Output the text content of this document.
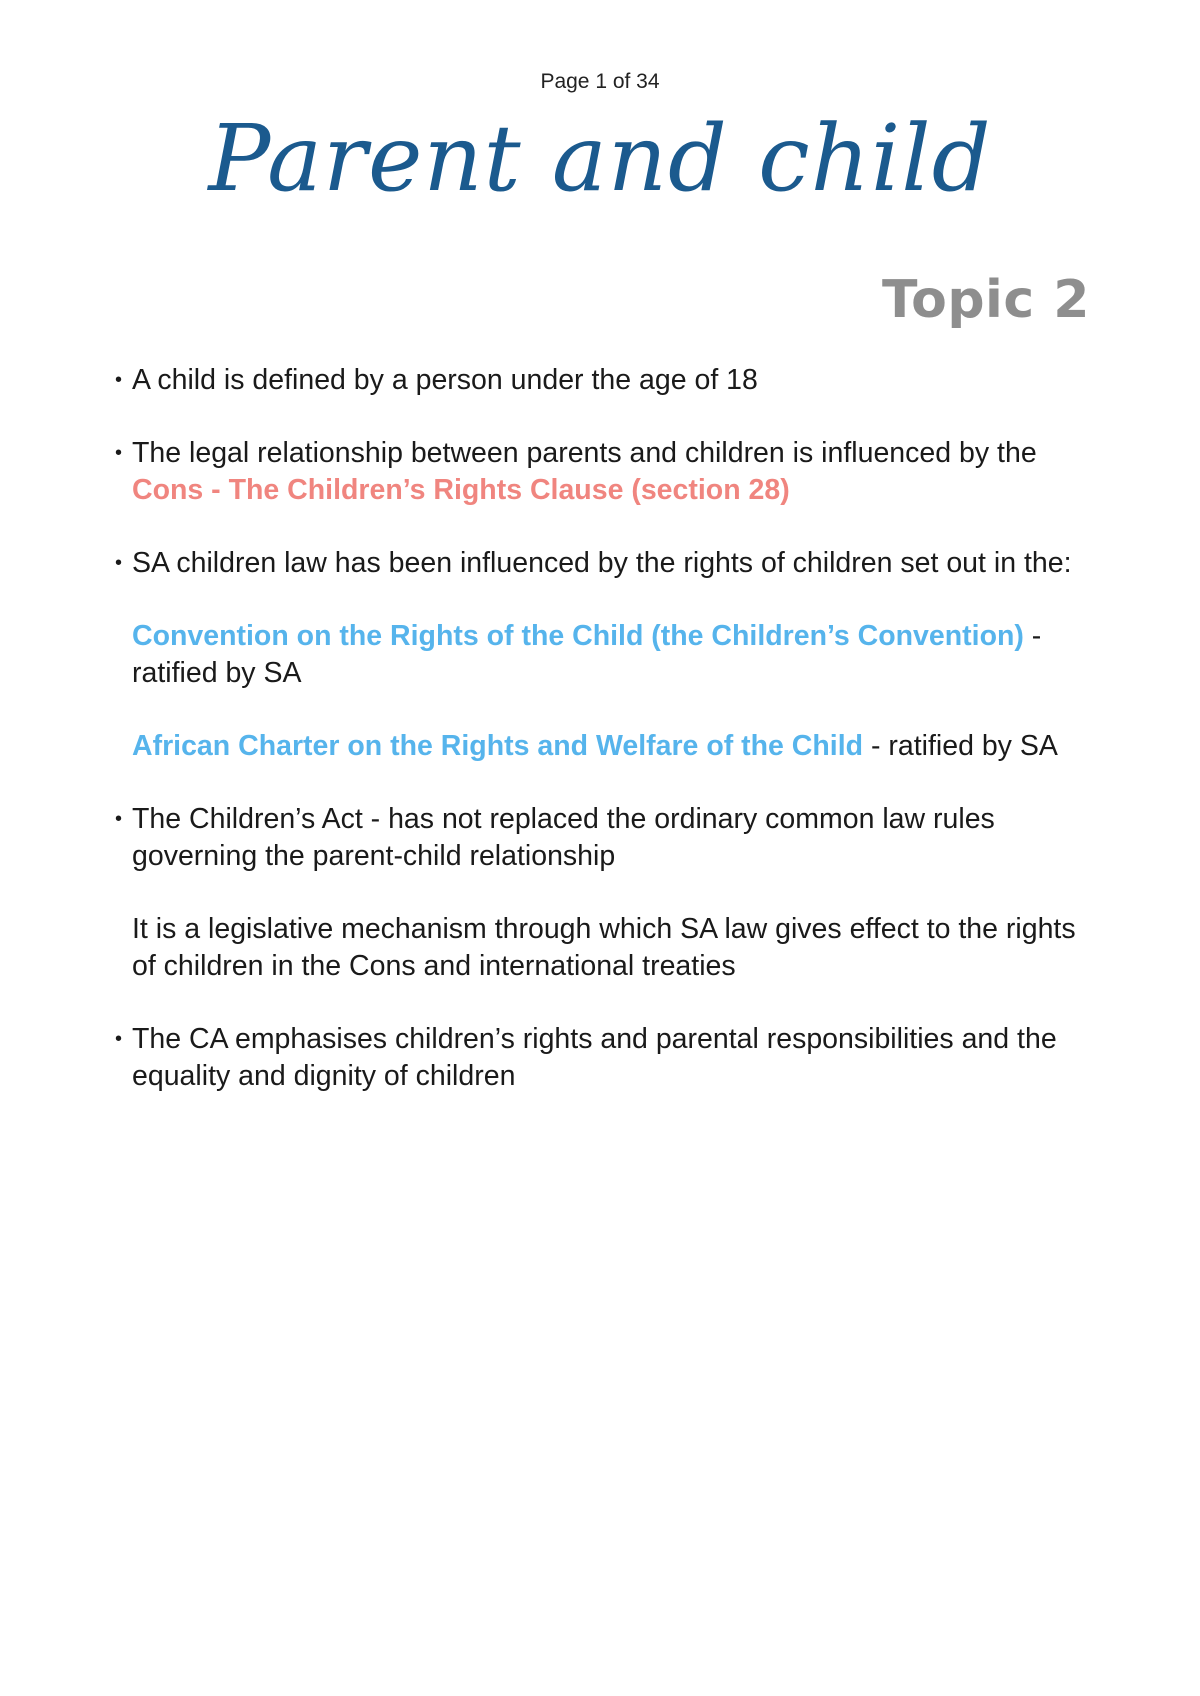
Page 1 of 34
Parent and child
Topic 2
• A child is defined by a person under the age of 18
• The legal relationship between parents and children is influenced by the Cons - The Children’s Rights Clause (section 28)
• SA children law has been influenced by the rights of children set out in the:
Convention on the Rights of the Child (the Children’s Convention) - ratified by SA
African Charter on the Rights and Welfare of the Child - ratified by SA
• The Children’s Act - has not replaced the ordinary common law rules governing the parent-child relationship
It is a legislative mechanism through which SA law gives effect to the rights of children in the Cons and international treaties
• The CA emphasises children’s rights and parental responsibilities and the equality and dignity of children
